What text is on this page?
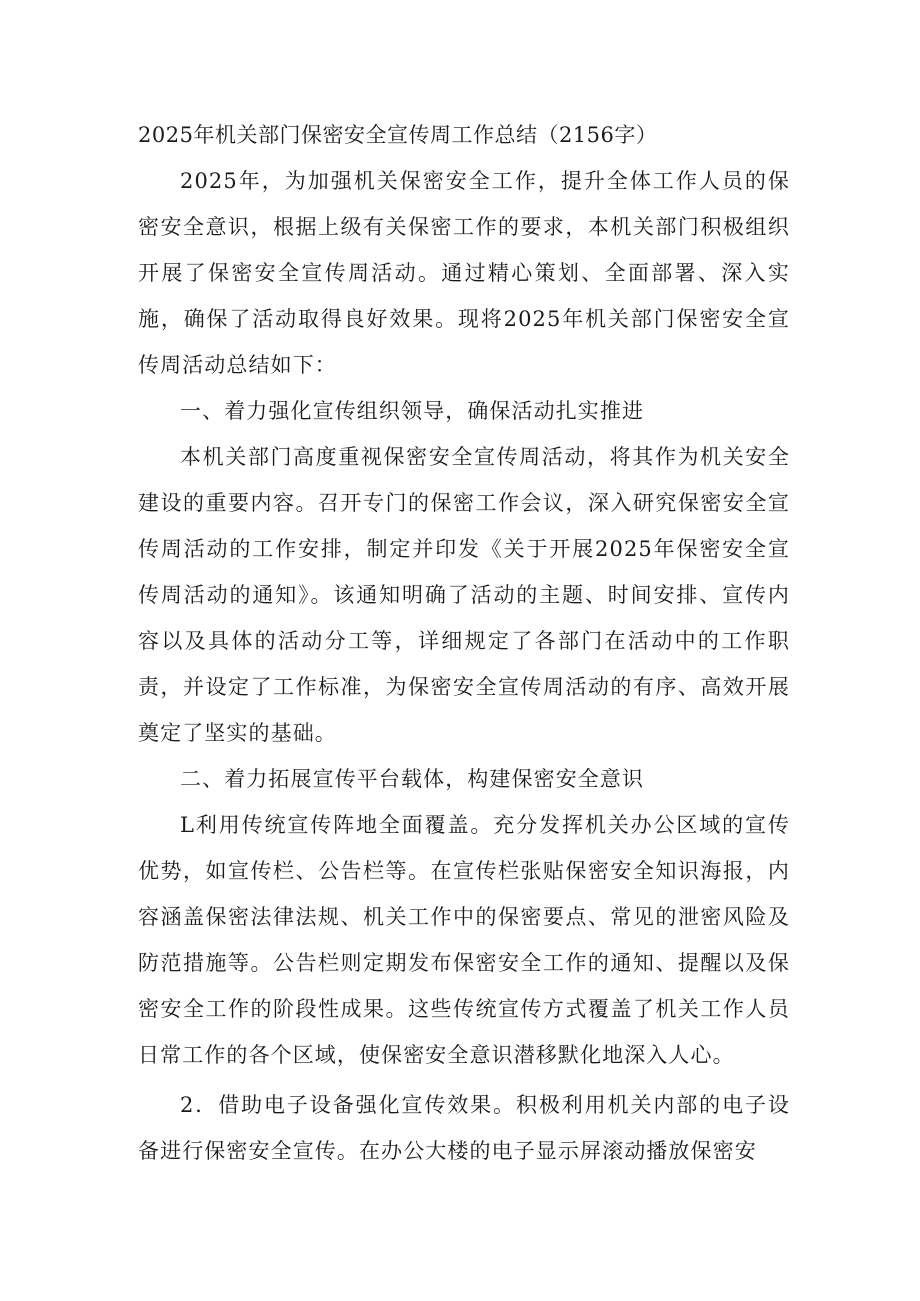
2025年机关部门保密安全宣传周工作总结（2156字）

2025年，为加强机关保密安全工作，提升全体工作人员的保密安全意识，根据上级有关保密工作的要求，本机关部门积极组织开展了保密安全宣传周活动。通过精心策划、全面部署、深入实施，确保了活动取得良好效果。现将2025年机关部门保密安全宣传周活动总结如下：

一、着力强化宣传组织领导，确保活动扎实推进

本机关部门高度重视保密安全宣传周活动，将其作为机关安全建设的重要内容。召开专门的保密工作会议，深入研究保密安全宣传周活动的工作安排，制定并印发《关于开展2025年保密安全宣传周活动的通知》。该通知明确了活动的主题、时间安排、宣传内容以及具体的活动分工等，详细规定了各部门在活动中的工作职责，并设定了工作标准，为保密安全宣传周活动的有序、高效开展奠定了坚实的基础。

二、着力拓展宣传平台载体，构建保密安全意识

L利用传统宣传阵地全面覆盖。充分发挥机关办公区域的宣传优势，如宣传栏、公告栏等。在宣传栏张贴保密安全知识海报，内容涵盖保密法律法规、机关工作中的保密要点、常见的泄密风险及防范措施等。公告栏则定期发布保密安全工作的通知、提醒以及保密安全工作的阶段性成果。这些传统宣传方式覆盖了机关工作人员日常工作的各个区域，使保密安全意识潜移默化地深入人心。

2．借助电子设备强化宣传效果。积极利用机关内部的电子设备进行保密安全宣传。在办公大楼的电子显示屏滚动播放保密安
